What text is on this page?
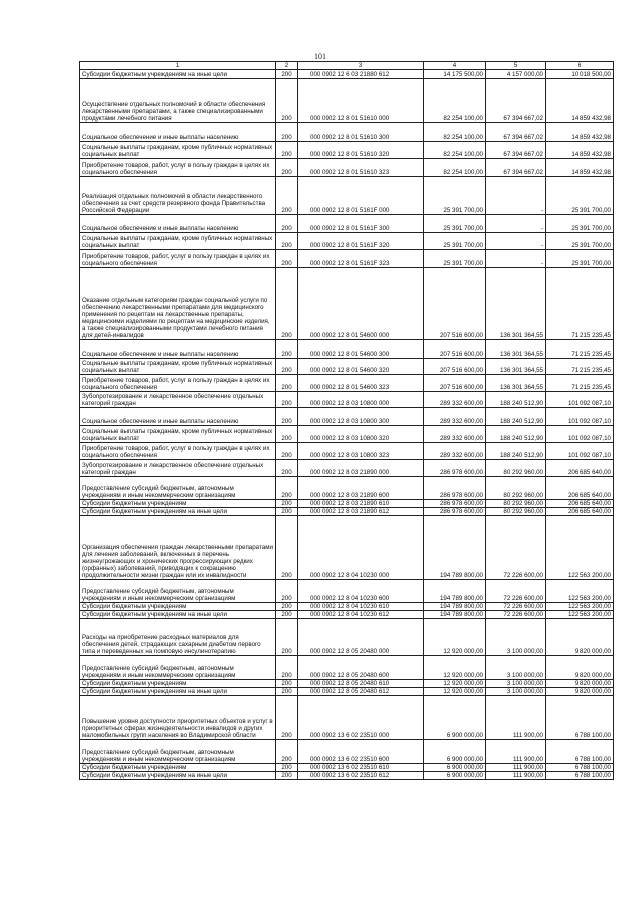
101
1	2	3	4	5	6
Субсидии бюджетным учреждениям на иные цели	200	000 0902 12 6 03 21880 612	14 175 500,00	4 157 000,00	10 018 500,00
Осуществление отдельных полномочий в области обеспечения лекарственными препаратами, а также специализированными продуктами лечебного питания	200	000 0902 12 8 01 51610 000	82 254 100,00	67 394 667,02	14 859 432,98
Социальное обеспечение и иные выплаты населению	200	000 0902 12 8 01 51610 300	82 254 100,00	67 394 667,02	14 859 432,98
Социальные выплаты гражданам, кроме публичных нормативных социальных выплат	200	000 0902 12 8 01 51610 320	82 254 100,00	67 394 667,02	14 859 432,98
Приобретение товаров, работ, услуг в пользу граждан в целях их социального обеспечения	200	000 0902 12 8 01 51610 323	82 254 100,00	67 394 667,02	14 859 432,98
Реализация отдельных полномочий в области лекарственного обеспечения за счет средств резервного фонда Правительства Российской Федерации	200	000 0902 12 8 01 5161F 000	25 391 700,00	-	25 391 700,00
Социальное обеспечение и иные выплаты населению	200	000 0902 12 8 01 5161F 300	25 391 700,00	-	25 391 700,00
Социальные выплаты гражданам, кроме публичных нормативных социальных выплат	200	000 0902 12 8 01 5161F 320	25 391 700,00	-	25 391 700,00
Приобретение товаров, работ, услуг в пользу граждан в целях их социального обеспечения	200	000 0902 12 8 01 5161F 323	25 391 700,00	-	25 391 700,00
Оказание отдельным категориям граждан социальной услуги по обеспечению лекарственными препаратами для медицинского применения по рецептам на лекарственные препараты, медицинскими изделиями по рецептам на медицинские изделия, а также специализированными продуктами лечебного питания для детей-инвалидов	200	000 0902 12 8 01 54600 000	207 516 600,00	136 301 364,55	71 215 235,45
Социальное обеспечение и иные выплаты населению	200	000 0902 12 8 01 54600 300	207 516 600,00	136 301 364,55	71 215 235,45
Социальные выплаты гражданам, кроме публичных нормативных социальных выплат	200	000 0902 12 8 01 54600 320	207 516 600,00	136 301 364,55	71 215 235,45
Приобретение товаров, работ, услуг в пользу граждан в целях их социального обеспечения	200	000 0902 12 8 01 54600 323	207 516 600,00	136 301 364,55	71 215 235,45
Зубопротезирование и лекарственное обеспечение отдельных категорий граждан	200	000 0902 12 8 03 10800 000	289 332 600,00	188 240 512,90	101 092 087,10
Социальное обеспечение и иные выплаты населению	200	000 0902 12 8 03 10800 300	289 332 600,00	188 240 512,90	101 092 087,10
Социальные выплаты гражданам, кроме публичных нормативных социальных выплат	200	000 0902 12 8 03 10800 320	289 332 600,00	188 240 512,90	101 092 087,10
Приобретение товаров, работ, услуг в пользу граждан в целях их социального обеспечения	200	000 0902 12 8 03 10800 323	289 332 600,00	188 240 512,90	101 092 087,10
Зубопротезирование и лекарственное обеспечение отдельных категорий граждан	200	000 0902 12 8 03 21890 000	286 978 600,00	80 292 960,00	206 685 640,00
Предоставление субсидий бюджетным, автономным учреждениям и иным некоммерческим организациям	200	000 0902 12 8 03 21890 600	286 978 600,00	80 292 960,00	206 685 640,00
Субсидии бюджетным учреждениям	200	000 0902 12 8 03 21890 610	286 978 600,00	80 292 960,00	206 685 640,00
Субсидии бюджетным учреждениям на иные цели	200	000 0902 12 8 03 21890 612	286 978 600,00	80 292 960,00	206 685 640,00
Организация обеспечения граждан лекарственными препаратами для лечения заболеваний, включенных в перечень жизнеугрожающих и хронических прогрессирующих редких (орфанных) заболеваний, приводящих к сокращению продолжительности жизни граждан или их инвалидности	200	000 0902 12 8 04 10230 000	194 789 800,00	72 226 600,00	122 563 200,00
Предоставление субсидий бюджетным, автономным учреждениям и иным некоммерческим организациям	200	000 0902 12 8 04 10230 600	194 789 800,00	72 226 600,00	122 563 200,00
Субсидии бюджетным учреждениям	200	000 0902 12 8 04 10230 610	194 789 800,00	72 226 600,00	122 563 200,00
Субсидии бюджетным учреждениям на иные цели	200	000 0902 12 8 04 10230 612	194 789 800,00	72 226 600,00	122 563 200,00
Расходы на приобретение расходных материалов для обеспечения детей, страдающих сахарным диабетом первого типа и переведенных на помповую инсулинотерапию	200	000 0902 12 8 05 20480 000	12 920 000,00	3 100 000,00	9 820 000,00
Предоставление субсидий бюджетным, автономным учреждениям и иным некоммерческим организациям	200	000 0902 12 8 05 20480 600	12 920 000,00	3 100 000,00	9 820 000,00
Субсидии бюджетным учреждениям	200	000 0902 12 8 05 20480 610	12 920 000,00	3 100 000,00	9 820 000,00
Субсидии бюджетным учреждениям на иные цели	200	000 0902 12 8 05 20480 612	12 920 000,00	3 100 000,00	9 820 000,00
Повышение уровня доступности приоритетных объектов и услуг в приоритетных сферах жизнедеятельности инвалидов и других маломобильных групп населения во Владимирской области	200	000 0902 13 6 02 23510 000	6 900 000,00	111 900,00	6 788 100,00
Предоставление субсидий бюджетным, автономным учреждениям и иным некоммерческим организациям	200	000 0902 13 6 02 23510 600	6 900 000,00	111 900,00	6 788 100,00
Субсидии бюджетным учреждениям	200	000 0902 13 6 02 23510 610	6 900 000,00	111 900,00	6 788 100,00
Субсидии бюджетным учреждениям на иные цели	200	000 0902 13 6 02 23510 612	6 900 000,00	111 900,00	6 788 100,00
